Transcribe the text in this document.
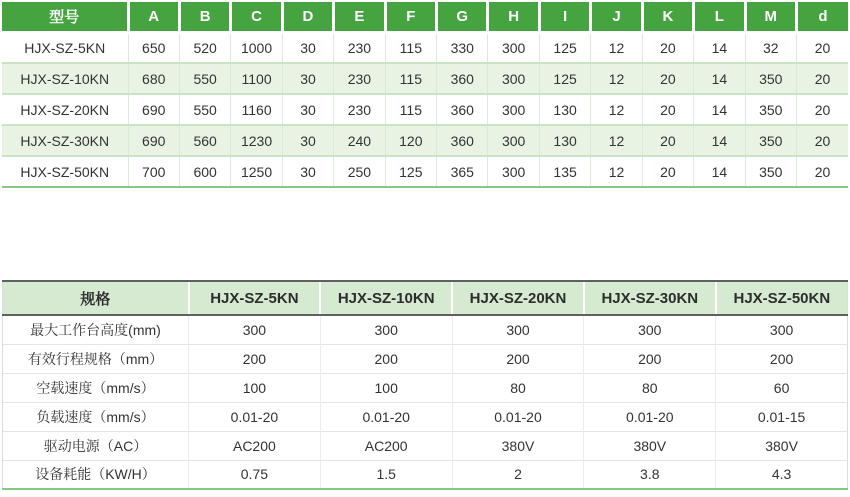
型号	A	B	C	D	E	F	G	H	I	J	K	L	M	d
HJX-SZ-5KN	650	520	1000	30	230	115	330	300	125	12	20	14	32	20
HJX-SZ-10KN	680	550	1100	30	230	115	360	300	125	12	20	14	350	20
HJX-SZ-20KN	690	550	1160	30	230	115	360	300	130	12	20	14	350	20
HJX-SZ-30KN	690	560	1230	30	240	120	360	300	130	12	20	14	350	20
HJX-SZ-50KN	700	600	1250	30	250	125	365	300	135	12	20	14	350	20
规格	HJX-SZ-5KN	HJX-SZ-10KN	HJX-SZ-20KN	HJX-SZ-30KN	HJX-SZ-50KN
最大工作台高度(mm)	300	300	300	300	300
有效行程规格（mm）	200	200	200	200	200
空载速度（mm/s）	100	100	80	80	60
负载速度（mm/s）	0.01-20	0.01-20	0.01-20	0.01-20	0.01-15
驱动电源（AC）	AC200	AC200	380V	380V	380V
设备耗能（KW/H）	0.75	1.5	2	3.8	4.3
